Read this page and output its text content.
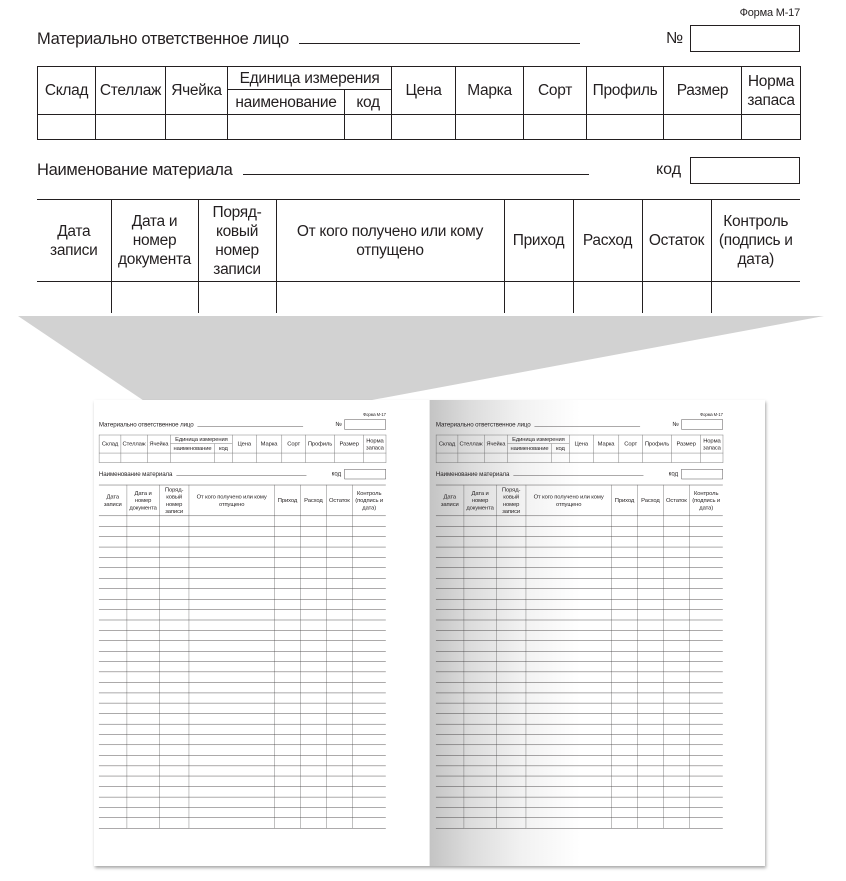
Форма М-17
Материально ответственное лицо	№
Склад	Стеллаж	Ячейка	Единица измерения		Цена	Марка	Сорт	Профиль	Размер	Норма запаса
			наименование	код						

Наименование материала	код
Дата записи	Дата и номер документа	Поряд-ковый номер записи	От кого получено или кому отпущено	Приход	Расход	Остаток	Контроль (подпись и дата)

Форма М-17
Материально ответственное лицо	№
Склад	Стеллаж	Ячейка	Единица измерения		Цена	Марка	Сорт	Профиль	Размер	Норма запаса
			наименование	код						

Наименование материала	код
Дата записи	Дата и номер документа	Поряд-ковый номер записи	От кого получено или кому отпущено	Приход	Расход	Остаток	Контроль (подпись и дата)

Форма М-17
Материально ответственное лицо	№
Склад	Стеллаж	Ячейка	Единица измерения		Цена	Марка	Сорт	Профиль	Размер	Норма запаса
			наименование	код						

Наименование материала	код
Дата записи	Дата и номер документа	Поряд-ковый номер записи	От кого получено или кому отпущено	Приход	Расход	Остаток	Контроль (подпись и дата)
